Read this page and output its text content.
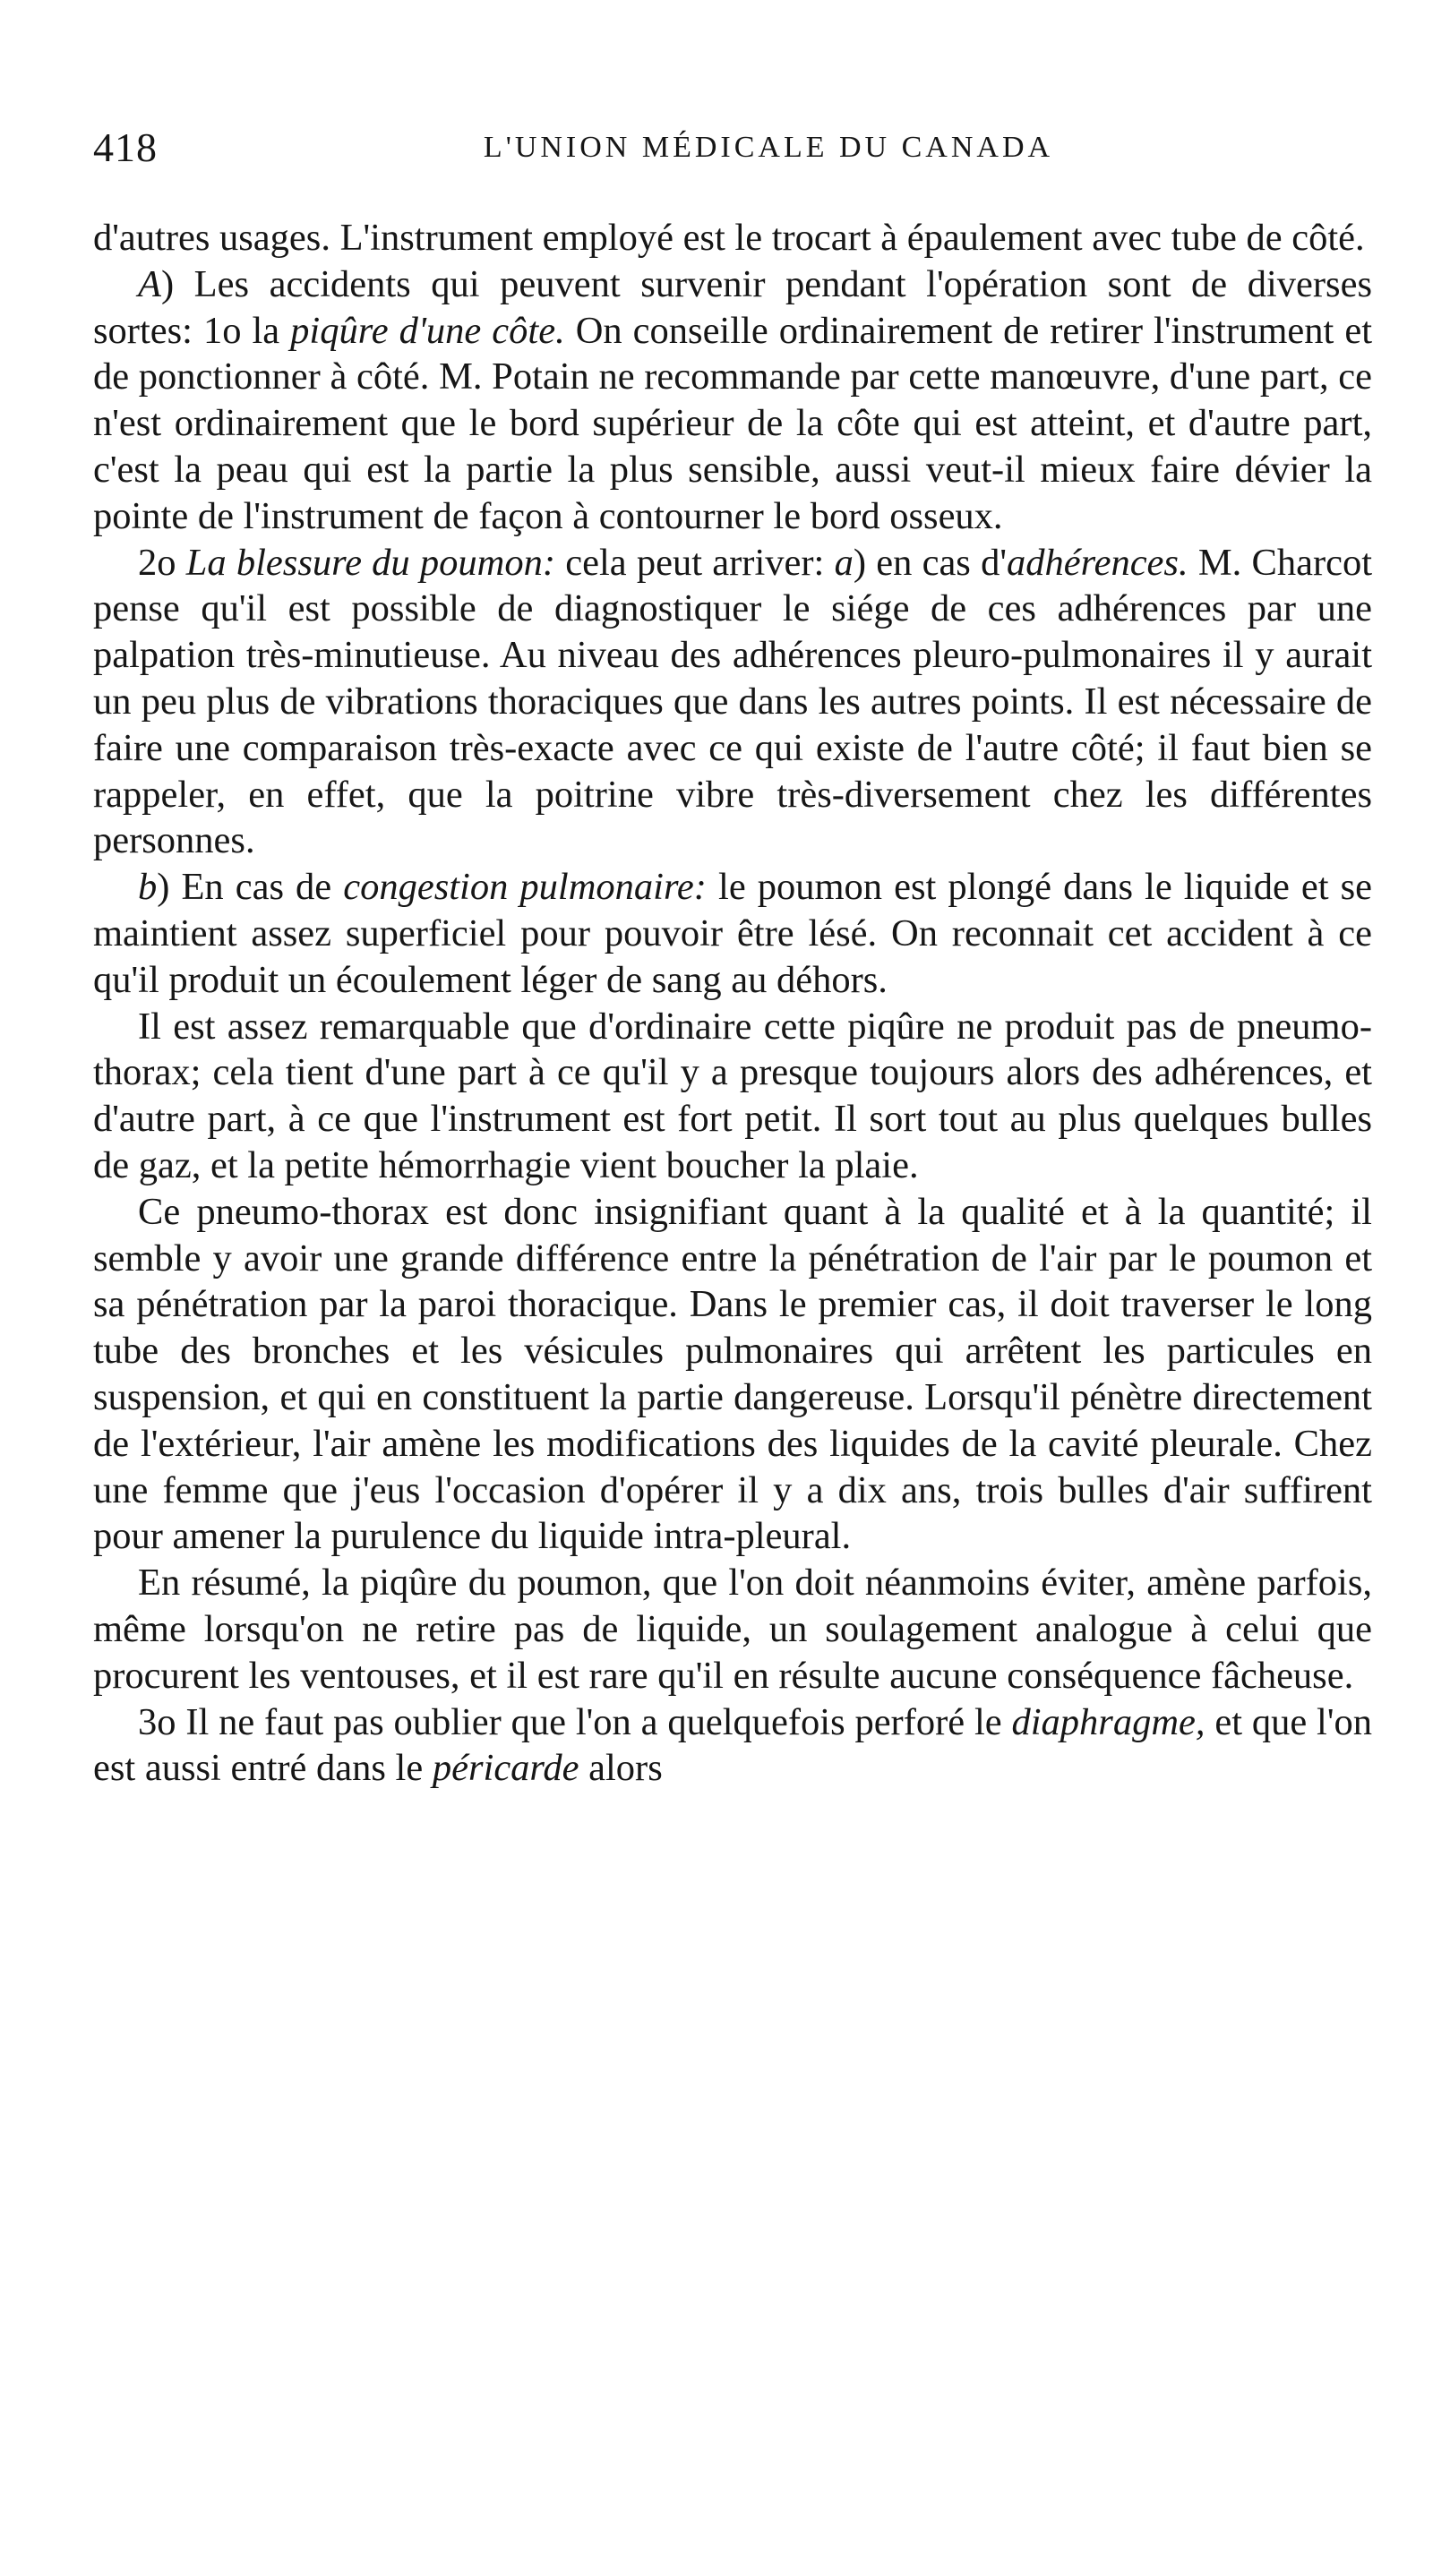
418	L'UNION MÉDICALE DU CANADA

d'autres usages. L'instrument employé est le trocart à épaulement avec tube de côté.

A) Les accidents qui peuvent survenir pendant l'opération sont de diverses sortes: 1o la piqûre d'une côte. On conseille ordinairement de retirer l'instrument et de ponctionner à côté. M. Potain ne recommande par cette manœuvre, d'une part, ce n'est ordinairement que le bord supérieur de la côte qui est atteint, et d'autre part, c'est la peau qui est la partie la plus sensible, aussi veut-il mieux faire dévier la pointe de l'instrument de façon à contourner le bord osseux.

2o La blessure du poumon: cela peut arriver: a) en cas d'adhérences. M. Charcot pense qu'il est possible de diagnostiquer le siége de ces adhérences par une palpation très-minutieuse. Au niveau des adhérences pleuro-pulmonaires il y aurait un peu plus de vibrations thoraciques que dans les autres points. Il est nécessaire de faire une comparaison très-exacte avec ce qui existe de l'autre côté; il faut bien se rappeler, en effet, que la poitrine vibre très-diversement chez les différentes personnes.

b) En cas de congestion pulmonaire: le poumon est plongé dans le liquide et se maintient assez superficiel pour pouvoir être lésé. On reconnait cet accident à ce qu'il produit un écoulement léger de sang au déhors.

Il est assez remarquable que d'ordinaire cette piqûre ne produit pas de pneumo-thorax; cela tient d'une part à ce qu'il y a presque toujours alors des adhérences, et d'autre part, à ce que l'instrument est fort petit. Il sort tout au plus quelques bulles de gaz, et la petite hémorrhagie vient boucher la plaie.

Ce pneumo-thorax est donc insignifiant quant à la qualité et à la quantité; il semble y avoir une grande différence entre la pénétration de l'air par le poumon et sa pénétration par la paroi thoracique. Dans le premier cas, il doit traverser le long tube des bronches et les vésicules pulmonaires qui arrêtent les particules en suspension, et qui en constituent la partie dangereuse. Lorsqu'il pénètre directement de l'extérieur, l'air amène les modifications des liquides de la cavité pleurale. Chez une femme que j'eus l'occasion d'opérer il y a dix ans, trois bulles d'air suffirent pour amener la purulence du liquide intra-pleural.

En résumé, la piqûre du poumon, que l'on doit néanmoins éviter, amène parfois, même lorsqu'on ne retire pas de liquide, un soulagement analogue à celui que procurent les ventouses, et il est rare qu'il en résulte aucune conséquence fâcheuse.

3o Il ne faut pas oublier que l'on a quelquefois perforé le diaphragme, et que l'on est aussi entré dans le péricarde alors
